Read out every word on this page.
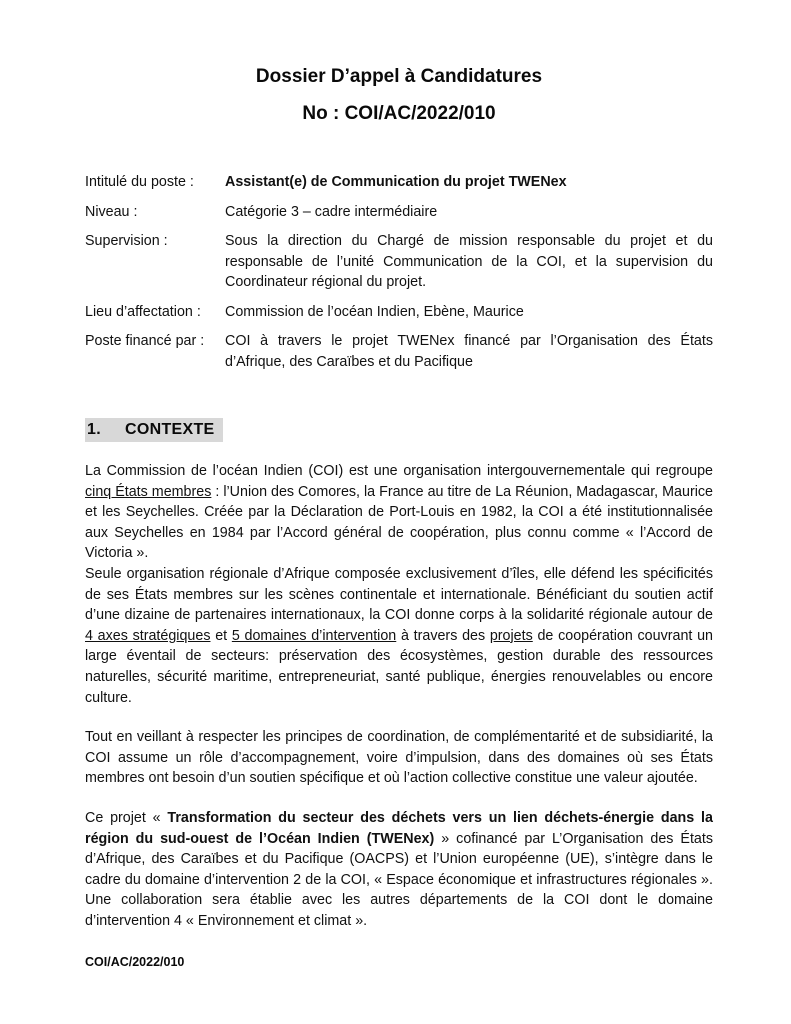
Dossier D’appel à Candidatures
No : COI/AC/2022/010
Intitulé du poste :	Assistant(e) de Communication du projet TWENex
Niveau :	Catégorie 3 – cadre intermédiaire
Supervision :	Sous la direction du Chargé de mission responsable du projet et du responsable de l’unité Communication de la COI, et la supervision du Coordinateur régional du projet.
Lieu d’affectation :	Commission de l’océan Indien, Ebène, Maurice
Poste financé par :	COI à travers le projet TWENex financé par l’Organisation des États d’Afrique, des Caraïbes et du Pacifique
1. CONTEXTE

La Commission de l’océan Indien (COI) est une organisation intergouvernementale qui regroupe cinq États membres : l’Union des Comores, la France au titre de La Réunion, Madagascar, Maurice et les Seychelles. Créée par la Déclaration de Port-Louis en 1982, la COI a été institutionnalisée aux Seychelles en 1984 par l’Accord général de coopération, plus connu comme « l’Accord de Victoria ».

Seule organisation régionale d’Afrique composée exclusivement d’îles, elle défend les spécificités de ses États membres sur les scènes continentale et internationale. Bénéficiant du soutien actif d’une dizaine de partenaires internationaux, la COI donne corps à la solidarité régionale autour de 4 axes stratégiques et 5 domaines d’intervention à travers des projets de coopération couvrant un large éventail de secteurs: préservation des écosystèmes, gestion durable des ressources naturelles, sécurité maritime, entrepreneuriat, santé publique, énergies renouvelables ou encore culture.

Tout en veillant à respecter les principes de coordination, de complémentarité et de subsidiarité, la COI assume un rôle d’accompagnement, voire d’impulsion, dans des domaines où ses États membres ont besoin d’un soutien spécifique et où l’action collective constitue une valeur ajoutée.

Ce projet « Transformation du secteur des déchets vers un lien déchets-énergie dans la région du sud-ouest de l’Océan Indien (TWENex) » cofinancé par L’Organisation des États d’Afrique, des Caraïbes et du Pacifique (OACPS) et l’Union européenne (UE), s’intègre dans le cadre du domaine d’intervention 2 de la COI, « Espace économique et infrastructures régionales ». Une collaboration sera établie avec les autres départements de la COI dont le domaine d’intervention 4 « Environnement et climat ».

COI/AC/2022/010
